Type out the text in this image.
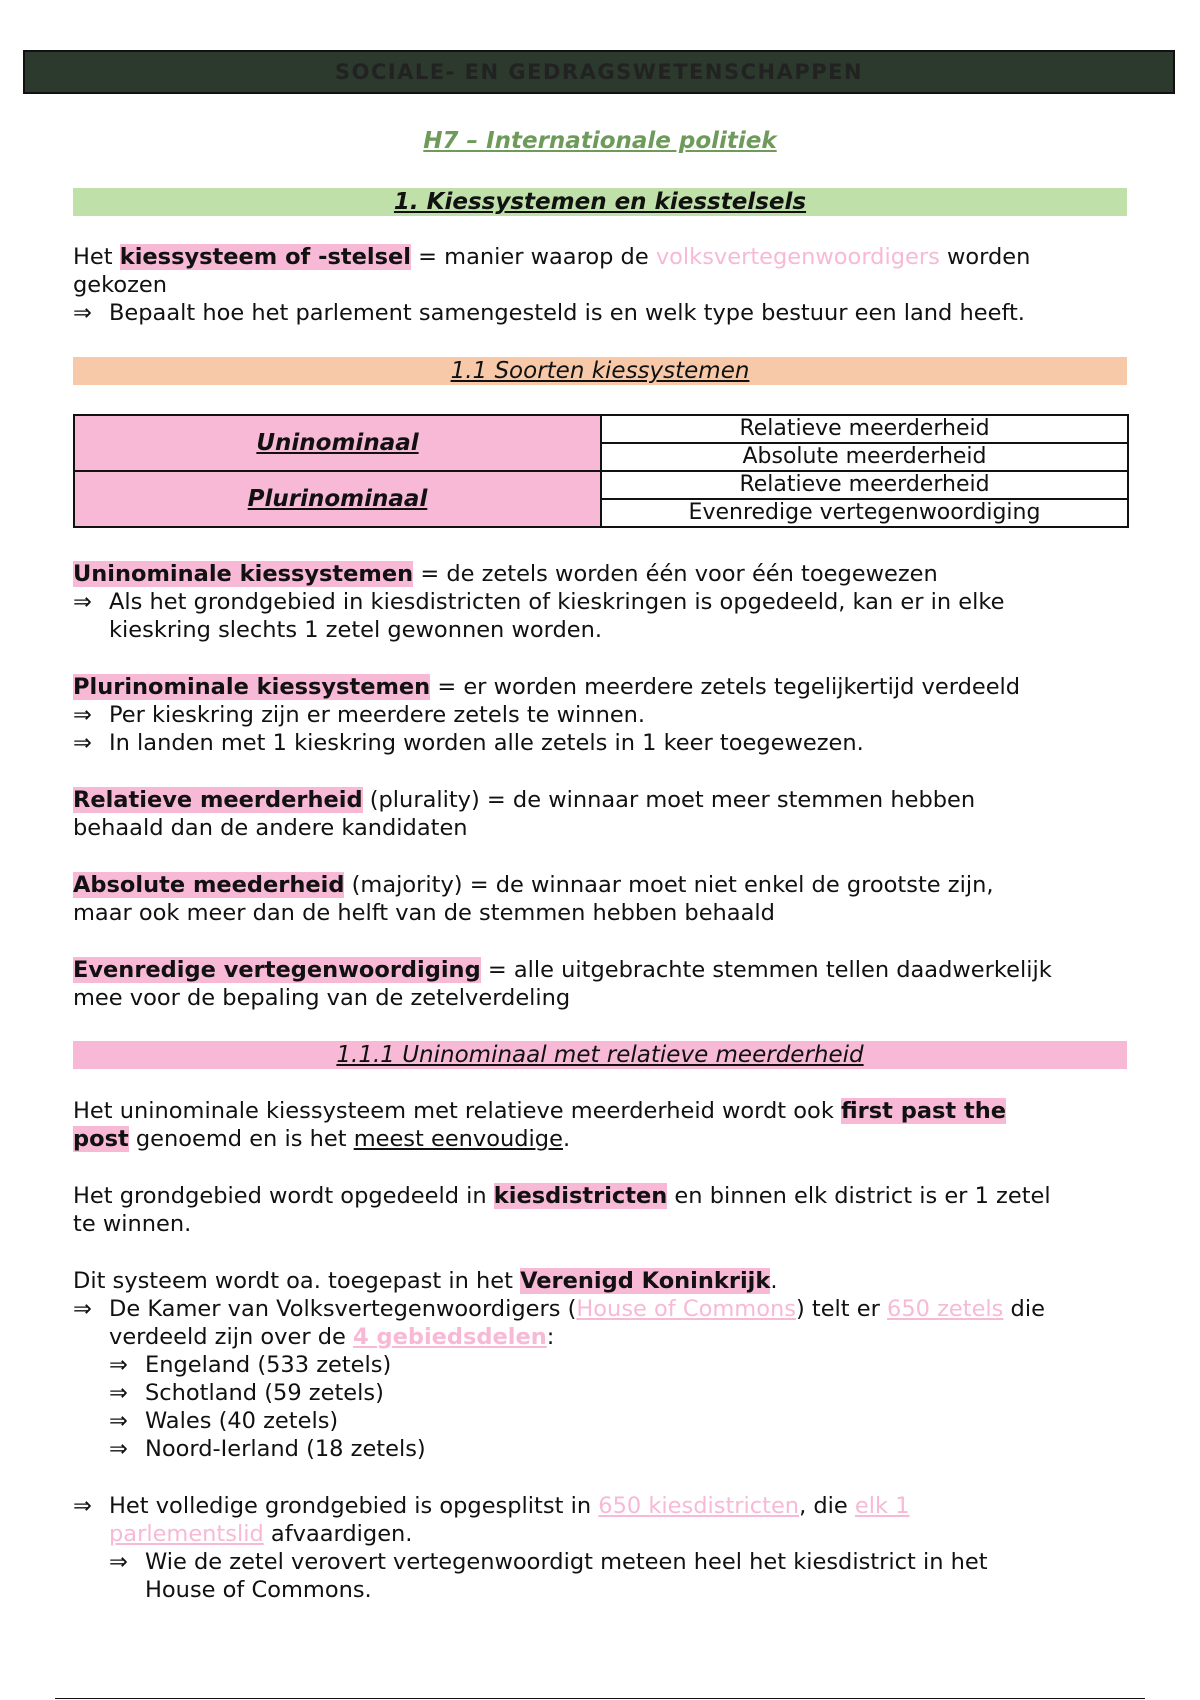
SOCIALE- EN GEDRAGSWETENSCHAPPEN
H7 – Internationale politiek
1. Kiessystemen en kiesstelsels
Het kiessysteem of -stelsel = manier waarop de volksvertegenwoordigers worden
gekozen
⇒ Bepaalt hoe het parlement samengesteld is en welk type bestuur een land heeft.
1.1 Soorten kiessystemen
Uninominaal	Relatieve meerderheid
	Absolute meerderheid
Plurinominaal	Relatieve meerderheid
	Evenredige vertegenwoordiging
Uninominale kiessystemen = de zetels worden één voor één toegewezen
⇒ Als het grondgebied in kiesdistricten of kieskringen is opgedeeld, kan er in elke
kieskring slechts 1 zetel gewonnen worden.
Plurinominale kiessystemen = er worden meerdere zetels tegelijkertijd verdeeld
⇒ Per kieskring zijn er meerdere zetels te winnen.
⇒ In landen met 1 kieskring worden alle zetels in 1 keer toegewezen.
Relatieve meerderheid (plurality) = de winnaar moet meer stemmen hebben
behaald dan de andere kandidaten
Absolute meederheid (majority) = de winnaar moet niet enkel de grootste zijn,
maar ook meer dan de helft van de stemmen hebben behaald
Evenredige vertegenwoordiging = alle uitgebrachte stemmen tellen daadwerkelijk
mee voor de bepaling van de zetelverdeling
1.1.1 Uninominaal met relatieve meerderheid
Het uninominale kiessysteem met relatieve meerderheid wordt ook first past the
post genoemd en is het meest eenvoudige.
Het grondgebied wordt opgedeeld in kiesdistricten en binnen elk district is er 1 zetel
te winnen.
Dit systeem wordt oa. toegepast in het Verenigd Koninkrijk.
⇒ De Kamer van Volksvertegenwoordigers (House of Commons) telt er 650 zetels die
verdeeld zijn over de 4 gebiedsdelen:
⇒ Engeland (533 zetels)
⇒ Schotland (59 zetels)
⇒ Wales (40 zetels)
⇒ Noord-Ierland (18 zetels)
⇒ Het volledige grondgebied is opgesplitst in 650 kiesdistricten, die elk 1
parlementslid afvaardigen.
⇒ Wie de zetel verovert vertegenwoordigt meteen heel het kiesdistrict in het
House of Commons.
